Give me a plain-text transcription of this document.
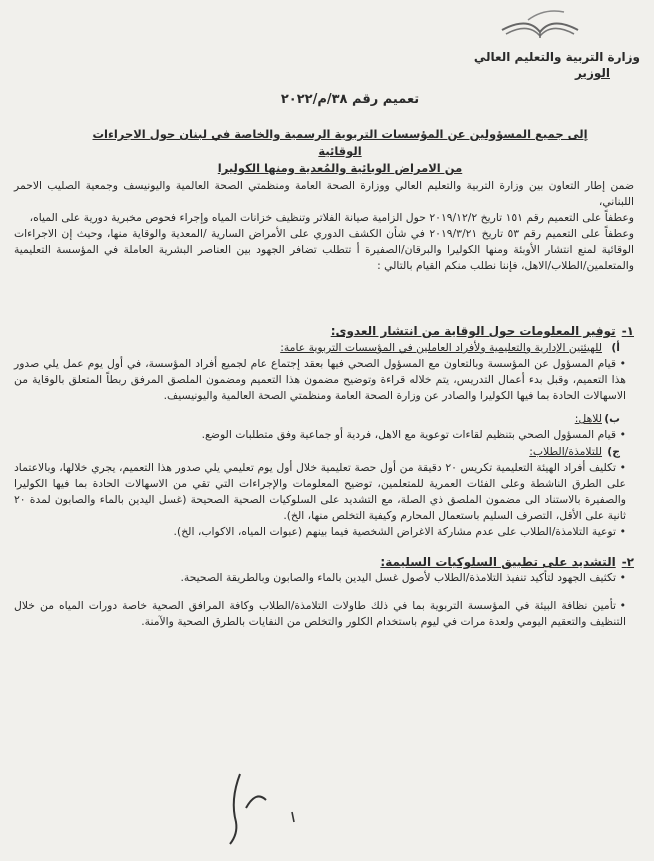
وزارة التربية والتعليم العالي
الوزير
تعميم رقم ٣٨/م/٢٠٢٢
إلى جميع المسؤولين عن المؤسسات التربوية الرسمية والخاصة في لبنان حول الاجراءات الوقائية
من الامراض الوبائية والمُعدية ومنها الكوليرا

ضمن إطار التعاون بين وزارة التربية والتعليم العالي ووزارة الصحة العامة ومنظمتي الصحة العالمية واليونيسف وجمعية الصليب الاحمر اللبناني،

وعطفاً على التعميم رقم ١٥١ تاريخ ٢٠١٩/١٢/٢ حول الزامية صيانة الفلاتر وتنظيف خزانات المياه وإجراء فحوص مخبرية دورية على المياه،

وعطفاً على التعميم رقم ٥٣ تاريخ ٢٠١٩/٣/٢١ في شأن الكشف الدوري على الأمراض السارية /المعدية والوقاية منها، وحيث إن الاجراءات الوقائية لمنع انتشار الأوبئة ومنها الكوليرا والبرقان/الصفيرة أ تتطلب تضافر الجهود بين العناصر البشرية العاملة في المؤسسة التعليمية والمتعلمين/الطلاب/الاهل، فإننا نطلب منكم القيام بالتالي :

١-توفير المعلومات حول الوقاية من انتشار العدوى:

أ)للهيئتين الإدارية والتعليمية ولأفراد العاملين في المؤسسات التربوية عامة:

• قيام المسؤول عن المؤسسة وبالتعاون مع المسؤول الصحي فيها بعقد إجتماع عام لجميع أفراد المؤسسة، في أول يوم عمل يلي صدور هذا التعميم، وقبل بدء أعمال التدريس، يتم خلاله قراءة وتوضيح مضمون هذا التعميم ومضمون الملصق المرفق ربطاً المتعلق بالوقاية من الاسهالات الحادة بما فيها الكوليرا والصادر عن وزارة الصحة العامة ومنظمتي الصحة العالمية واليونيسيف.

ب)للاهل:

• قيام المسؤول الصحي بتنظيم لقاءات توعوية مع الاهل، فردية أو جماعية وفق متطلبات الوضع.

ج)للتلامذة/الطلاب:

• تكليف أفراد الهيئة التعليمية تكريس ٢٠ دقيقة من أول حصة تعليمية خلال أول يوم تعليمي يلي صدور هذا التعميم، يجري خلالها، وبالاعتماد على الطرق الناشطة وعلى الفئات العمرية للمتعلمين، توضيح المعلومات والإجراءات التي تقي من الاسهالات الحادة بما فيها الكوليرا والصفيرة بالاستناد الى مضمون الملصق ذي الصلة، مع التشديد على السلوكيات الصحية الصحيحة (غسل اليدين بالماء والصابون لمدة ٢٠ ثانية على الأقل، التصرف السليم باستعمال المحارم وكيفية التخلص منها، الخ).

• توعية التلامذة/الطلاب على عدم مشاركة الاغراض الشخصية فيما بينهم (عبوات المياه، الاكواب، الخ).

٢-التشديد على تطبيق السلوكيات السليمة:

• تكثيف الجهود لتأكيد تنفيذ التلامذة/الطلاب لأصول غسل اليدين بالماء والصابون وبالطريقة الصحيحة.

• تأمين نظافة البيئة في المؤسسة التربوية بما في ذلك طاولات التلامذة/الطلاب وكافة المرافق الصحية خاصة دورات المياه من خلال التنظيف والتعقيم اليومي ولعدة مرات في ليوم باستخدام الكلور والتخلص من النفايات بالطرق الصحية والآمنة.
